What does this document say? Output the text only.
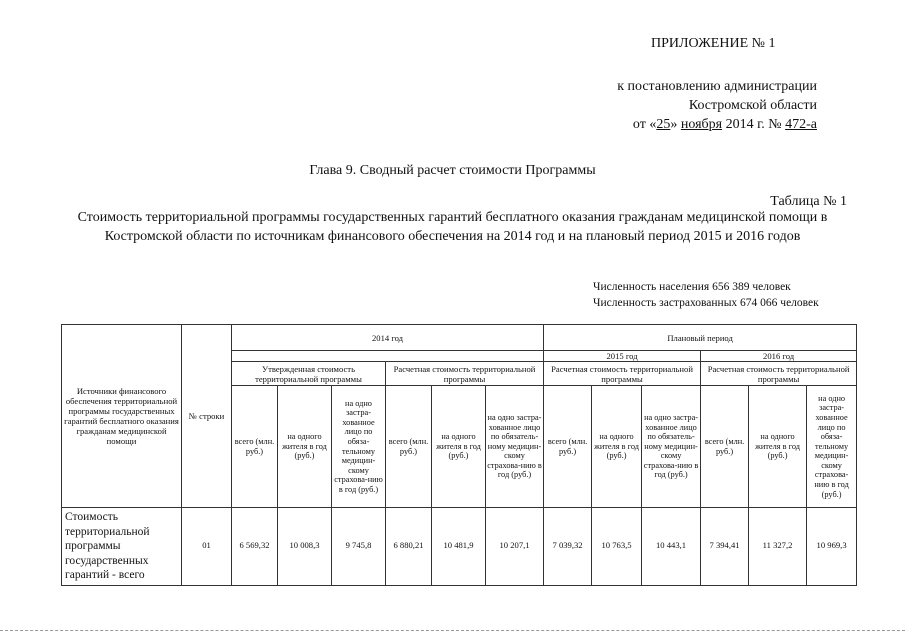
ПРИЛОЖЕНИЕ № 1
к постановлению администрации
Костромской области
от «25» ноября 2014 г. № 472-а
Глава 9. Сводный расчет стоимости Программы
Таблица № 1
Стоимость территориальной программы государственных гарантий бесплатного оказания гражданам медицинской помощи в Костромской области по источникам финансового обеспечения на 2014 год и на плановый период 2015 и 2016 годов
Численность населения 656 389 человек
Численность застрахованных 674 066 человек
Источники финансового обеспечения территориальной программы государственных гарантий бесплатного оказания гражданам медицинской помощи	№ строки	2014 год						Плановый период					
								2015 год			2016 год		
		Утвержденная стоимость территориальной программы			Расчетная стоимость территориальной программы			Расчетная стоимость территориальной программы			Расчетная стоимость территориальной программы		
		всего (млн. руб.)	на одного жителя в год (руб.)	на одно застра-хованное лицо по обяза-тельному медицин-скому страхова-нию в год (руб.)	всего (млн. руб.)	на одного жителя в год (руб.)	на одно застра-хованное лицо по обязатель-ному медицин-скому страхова-нию в год (руб.)	всего (млн. руб.)	на одного жителя в год (руб.)	на одно застра-хованное лицо по обязатель-ному медицин-скому страхова-нию в год (руб.)	всего (млн. руб.)	на одного жителя в год (руб.)	на одно застра-хованное лицо по обяза-тельному медицин-скому страхова-нию в год (руб.)
Стоимость территориальной программы государственных гарантий - всего	01	6 569,32	10 008,3	9 745,8	6 880,21	10 481,9	10 207,1	7 039,32	10 763,5	10 443,1	7 394,41	11 327,2	10 969,3
